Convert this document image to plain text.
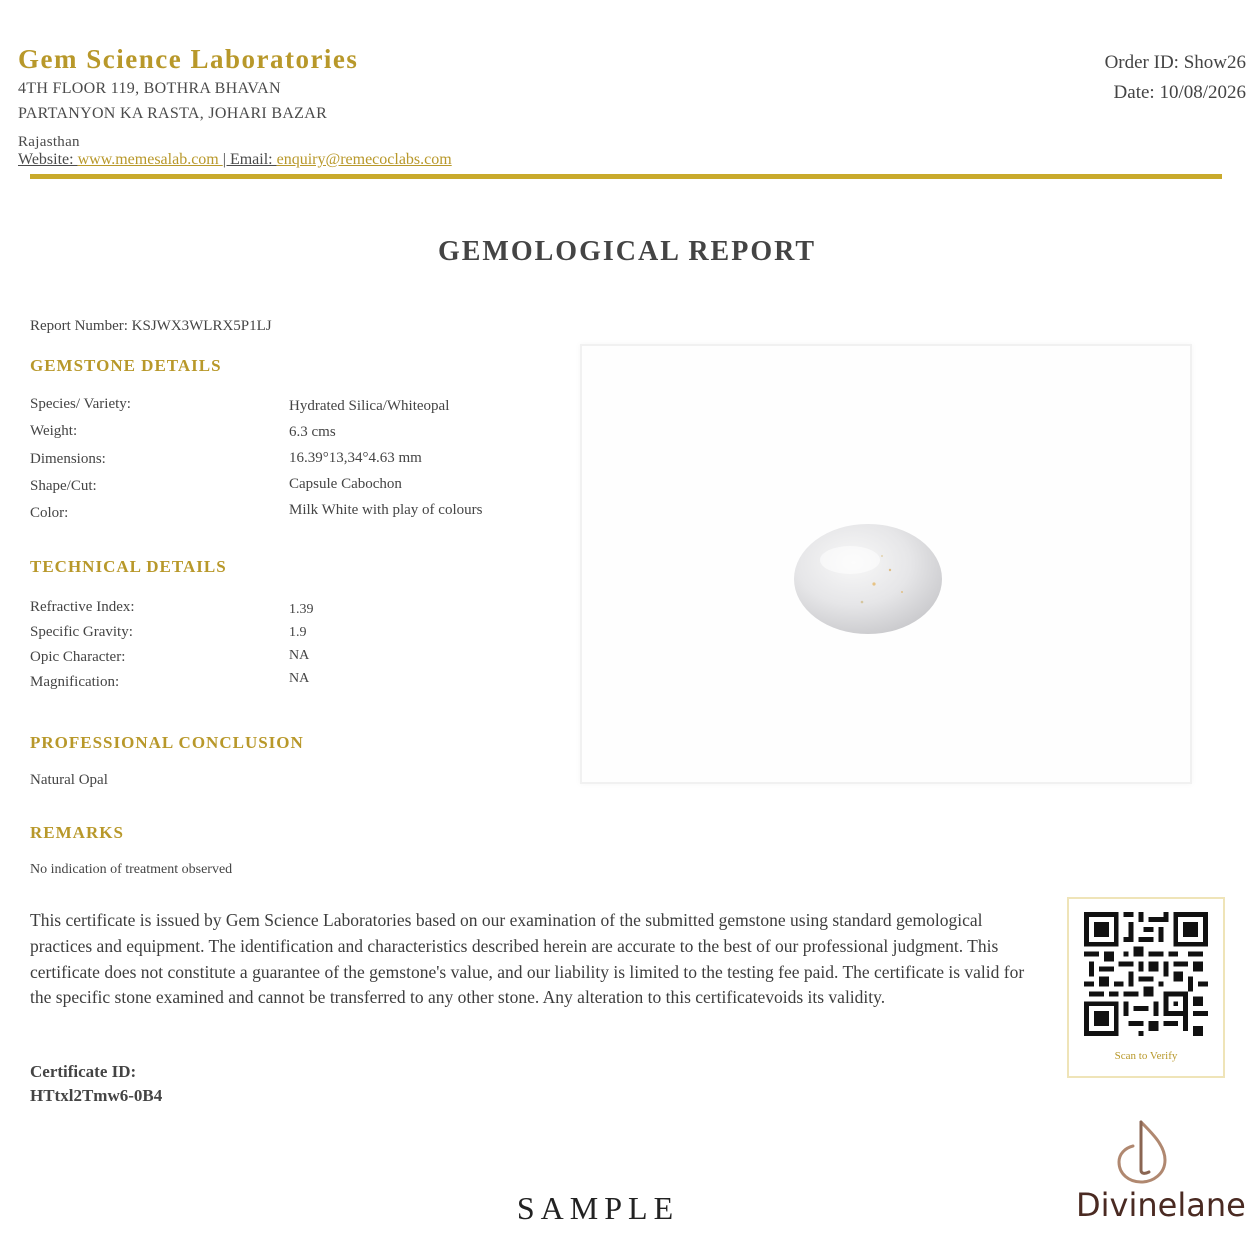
Gem Science Laboratories
4TH FLOOR 119, BOTHRA BHAVAN
PARTANYON KA RASTA, JOHARI BAZAR
Rajasthan
Website: www.memesalab.com | Email: enquiry@remecoclabs.com
Order ID: Show26
Date: 10/08/2026
GEMOLOGICAL REPORT
Report Number: KSJWX3WLRX5P1LJ
GEMSTONE DETAILS
Species/ Variety:	Hydrated Silica/Whiteopal
Weight:	6.3 cms
Dimensions:	16.39°13,34°4.63 mm
Shape/Cut:	Capsule Cabochon
Color:	Milk White with play of colours
TECHNICAL DETAILS
Refractive Index:	1.39
Specific Gravity:	1.9
Opic Character:	NA
Magnification:	NA
PROFESSIONAL CONCLUSION
Natural Opal
REMARKS
No indication of treatment observed
This certificate is issued by Gem Science Laboratories based on our examination of the submitted gemstone using standard gemological practices and equipment. The identification and characteristics described herein are accurate to the best of our professional judgment. This certificate does not constitute a guarantee of the gemstone's value, and our liability is limited to the testing fee paid. The certificate is valid for the specific stone examined and cannot be transferred to any other stone. Any alteration to this certificatevoids its validity.
Certificate ID:
HTtxl2Tmw6-0B4
Scan to Verify
SAMPLE	Divinelane
